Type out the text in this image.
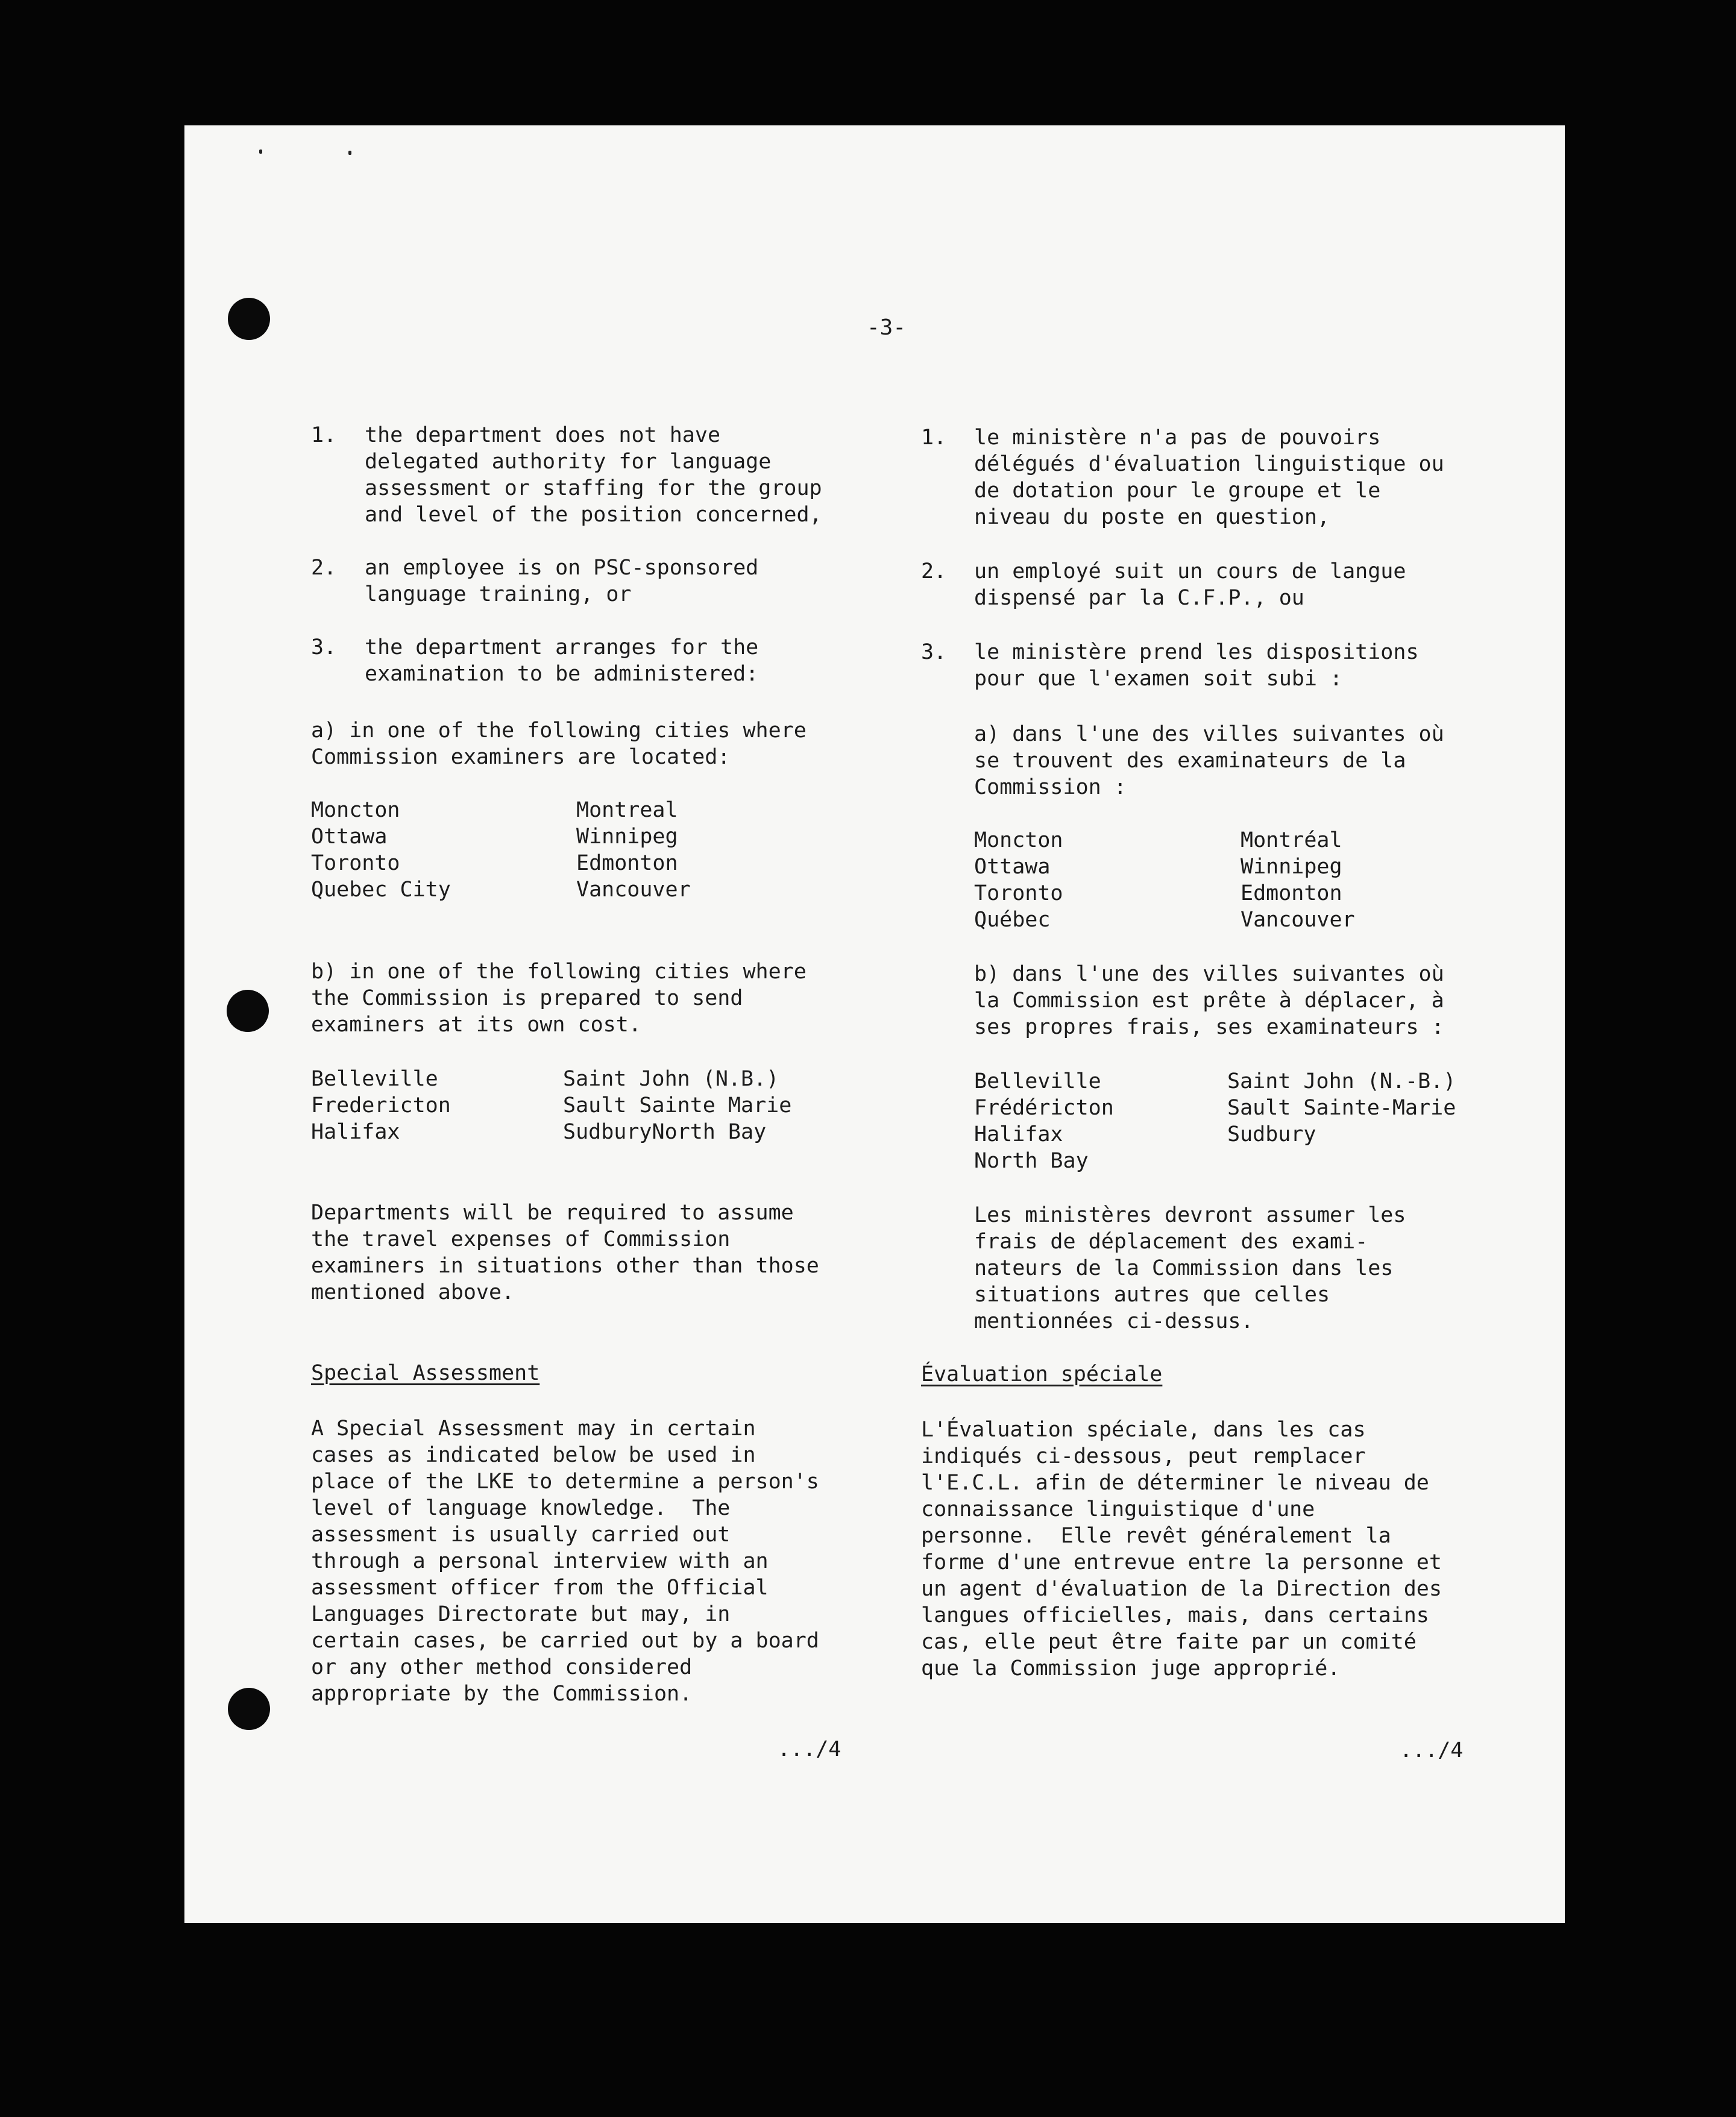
-3-
1. the department does not have
delegated authority for language
assessment or staffing for the group
and level of the position concerned,
2. an employee is on PSC-sponsored
language training, or
3. the department arranges for the
examination to be administered:
a) in one of the following cities where
Commission examiners are located:
Moncton
Ottawa
Toronto
Quebec City
Montreal
Winnipeg
Edmonton
Vancouver
b) in one of the following cities where
the Commission is prepared to send
examiners at its own cost.
Belleville
Fredericton
Halifax
Saint John (N.B.)
Sault Sainte Marie
SudburyNorth Bay
Departments will be required to assume
the travel expenses of Commission
examiners in situations other than those
mentioned above.
Special Assessment
A Special Assessment may in certain
cases as indicated below be used in
place of the LKE to determine a person's
level of language knowledge.  The
assessment is usually carried out
through a personal interview with an
assessment officer from the Official
Languages Directorate but may, in
certain cases, be carried out by a board
or any other method considered
appropriate by the Commission.
.../4
1. le ministère n'a pas de pouvoirs
délégués d'évaluation linguistique ou
de dotation pour le groupe et le
niveau du poste en question,
2. un employé suit un cours de langue
dispensé par la C.F.P., ou
3. le ministère prend les dispositions
pour que l'examen soit subi :
a) dans l'une des villes suivantes où
se trouvent des examinateurs de la
Commission :
Moncton
Ottawa
Toronto
Québec
Montréal
Winnipeg
Edmonton
Vancouver
b) dans l'une des villes suivantes où
la Commission est prête à déplacer, à
ses propres frais, ses examinateurs :
Belleville
Frédéricton
Halifax
North Bay
Saint John (N.-B.)
Sault Sainte-Marie
Sudbury
Les ministères devront assumer les
frais de déplacement des exami-
nateurs de la Commission dans les
situations autres que celles
mentionnées ci-dessus.
Évaluation spéciale
L'Évaluation spéciale, dans les cas
indiqués ci-dessous, peut remplacer
l'E.C.L. afin de déterminer le niveau de
connaissance linguistique d'une
personne.  Elle revêt généralement la
forme d'une entrevue entre la personne et
un agent d'évaluation de la Direction des
langues officielles, mais, dans certains
cas, elle peut être faite par un comité
que la Commission juge approprié.
.../4
